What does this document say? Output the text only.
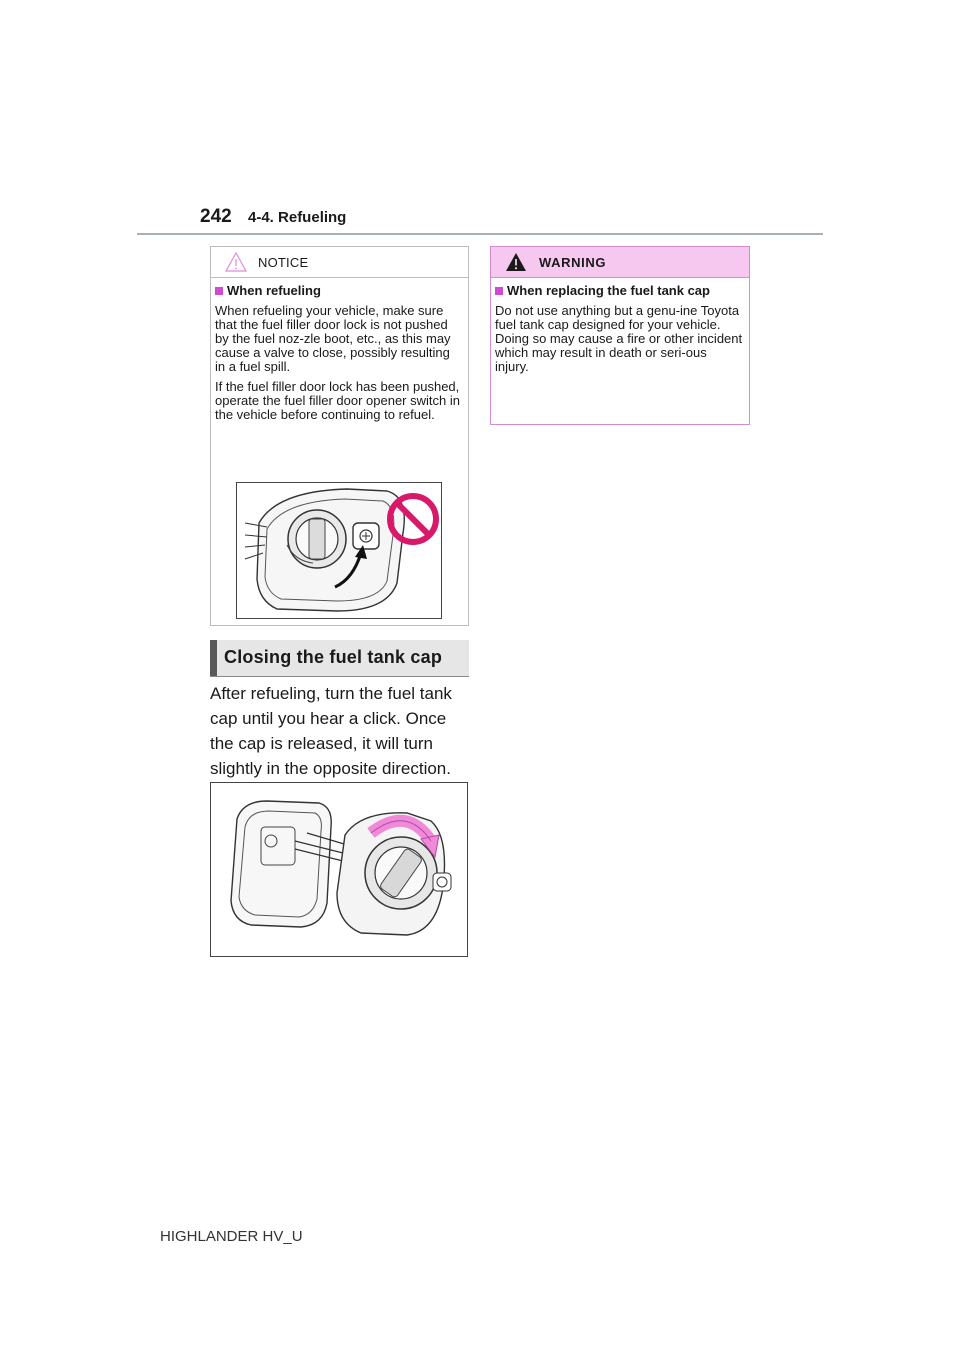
242 4-4. Refueling
NOTICE
When refueling

When refueling your vehicle, make sure that the fuel filler door lock is not pushed by the fuel noz-zle boot, etc., as this may cause a valve to close, possibly resulting in a fuel spill.

If the fuel filler door lock has been pushed, operate the fuel filler door opener switch in the vehicle before continuing to refuel.

WARNING
When replacing the fuel tank cap

Do not use anything but a genu-ine Toyota fuel tank cap designed for your vehicle. Doing so may cause a fire or other incident which may result in death or seri-ous injury.

Closing the fuel tank cap
After refueling, turn the fuel tank cap until you hear a click. Once the cap is released, it will turn slightly in the opposite direction.
HIGHLANDER HV_U
